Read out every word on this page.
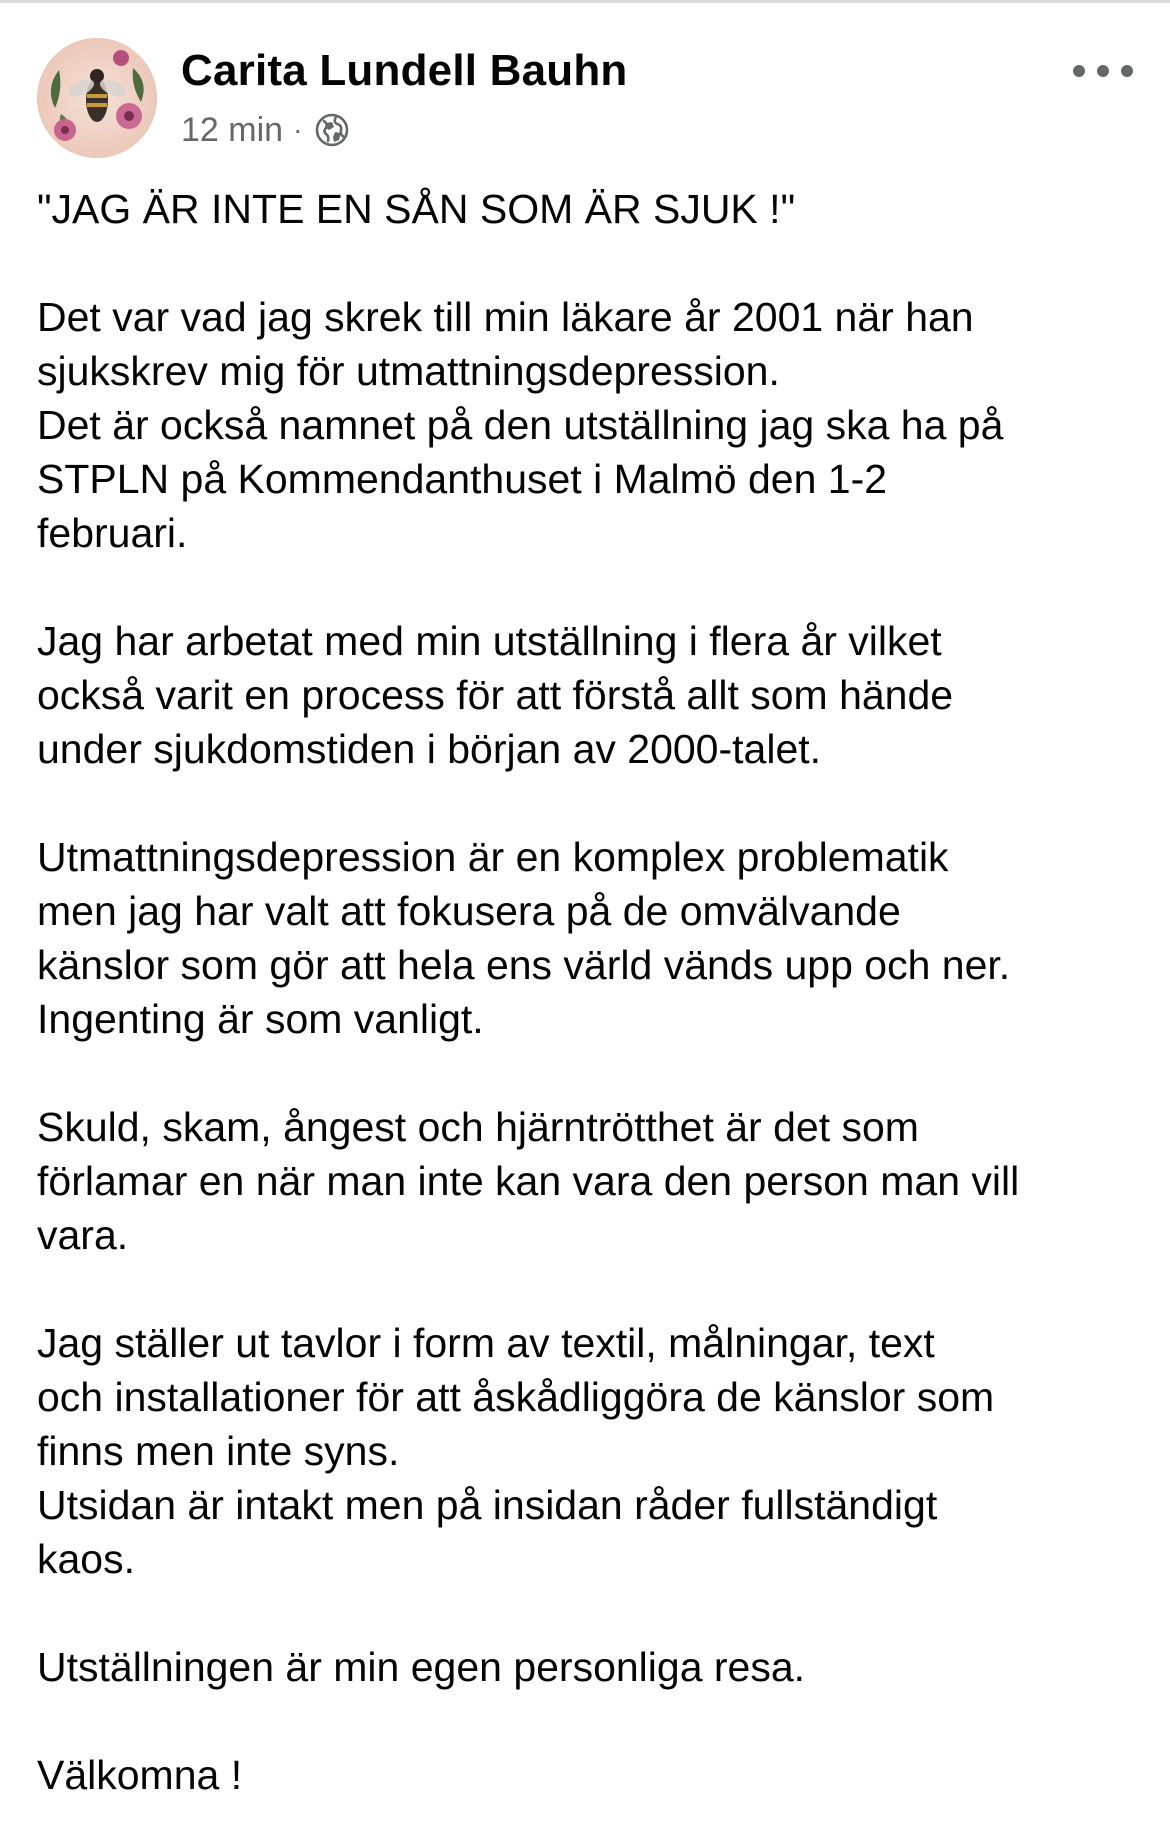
Carita Lundell Bauhn
12 min ·
"JAG ÄR INTE EN SÅN SOM ÄR SJUK !"
Det var vad jag skrek till min läkare år 2001 när han
sjukskrev mig för utmattningsdepression.
Det är också namnet på den utställning jag ska ha på
STPLN på Kommendanthuset i Malmö den 1-2
februari.
Jag har arbetat med min utställning i flera år vilket
också varit en process för att förstå allt som hände
under sjukdomstiden i början av 2000-talet.
Utmattningsdepression är en komplex problematik
men jag har valt att fokusera på de omvälvande
känslor som gör att hela ens värld vänds upp och ner.
Ingenting är som vanligt.
Skuld, skam, ångest och hjärntrötthet är det som
förlamar en när man inte kan vara den person man vill
vara.
Jag ställer ut tavlor i form av textil, målningar, text
och installationer för att åskådliggöra de känslor som
finns men inte syns.
Utsidan är intakt men på insidan råder fullständigt
kaos.
Utställningen är min egen personliga resa.
Välkomna !
